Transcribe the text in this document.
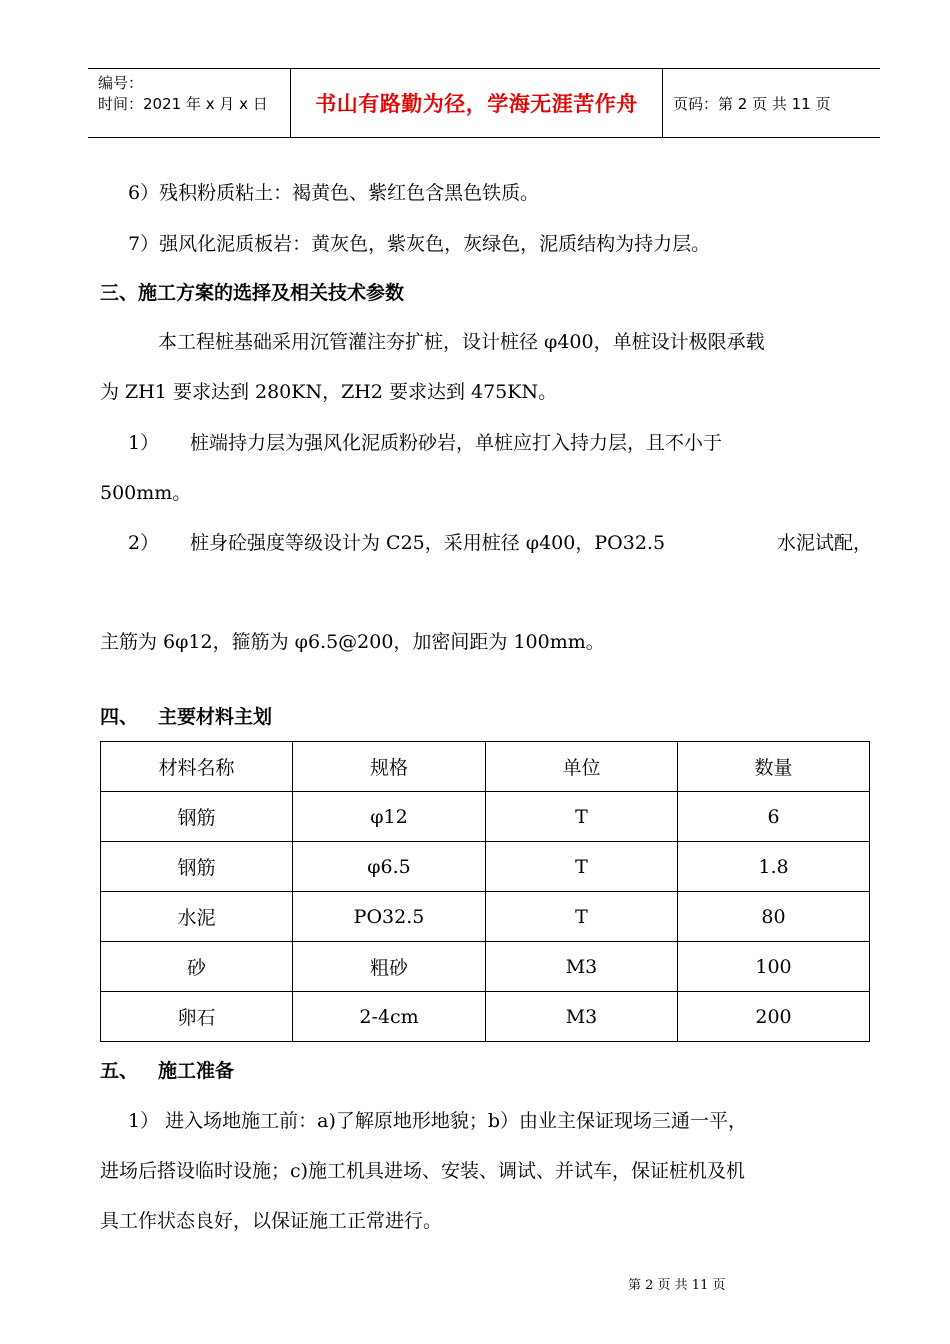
编号：
时间：2021 年 x 月 x 日	书山有路勤为径，学海无涯苦作舟	页码：第 2 页 共 11 页
6）残积粉质粘土：褐黄色、紫红色含黑色铁质。
7）强风化泥质板岩：黄灰色，紫灰色，灰绿色，泥质结构为持力层。
三、施工方案的选择及相关技术参数
本工程桩基础采用沉管灌注夯扩桩，设计桩径 φ400，单桩设计极限承载
为 ZH1 要求达到 280KN，ZH2 要求达到 475KN。
1） 桩端持力层为强风化泥质粉砂岩，单桩应打入持力层，且不小于
500mm。
2） 桩身砼强度等级设计为 C25，采用桩径 φ400，PO32.5	水泥试配，
主筋为 6φ12，箍筋为 φ6.5@200，加密间距为 100mm。
四、 主要材料主划
材料名称	规格	单位	数量
钢筋	φ12	T	6
钢筋	φ6.5	T	1.8
水泥	PO32.5	T	80
砂	粗砂	M3	100
卵石	2-4cm	M3	200
五、 施工准备
1） 进入场地施工前：a)了解原地形地貌；b）由业主保证现场三通一平，
进场后搭设临时设施；c)施工机具进场、安装、调试、并试车，保证桩机及机
具工作状态良好，以保证施工正常进行。
第 2 页 共 11 页
